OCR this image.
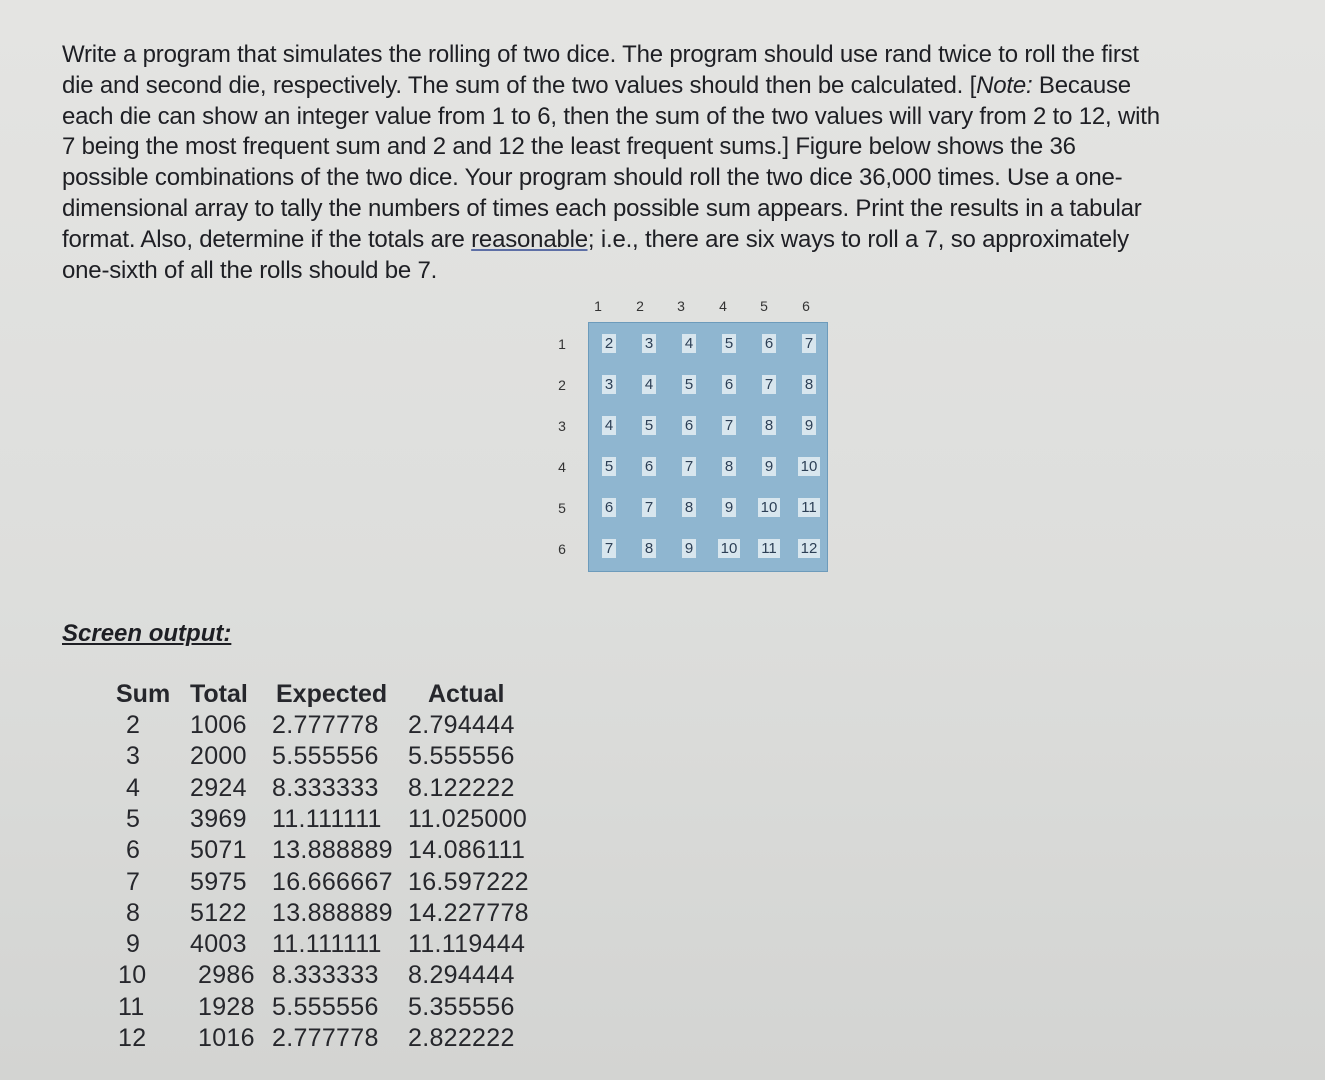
Write a program that simulates the rolling of two dice. The program should use rand twice to roll the first
die and second die, respectively. The sum of the two values should then be calculated. [Note: Because
each die can show an integer value from 1 to 6, then the sum of the two values will vary from 2 to 12, with
7 being the most frequent sum and 2 and 12 the least frequent sums.] Figure below shows the 36
possible combinations of the two dice. Your program should roll the two dice 36,000 times. Use a one-
dimensional array to tally the numbers of times each possible sum appears. Print the results in a tabular
format. Also, determine if the totals are reasonable; i.e., there are six ways to roll a 7, so approximately
one-sixth of all the rolls should be 7.
2	3	4	5	6	7
3	4	5	6	7	8
4	5	6	7	8	9
5	6	7	8	9	10
6	7	8	9	10	11
7	8	9	10	11	12
1	2	3	4	5	6
1
2
3
4
5
6
Screen output:
Sum Total Expected Actual
2 1006 2.777778 2.794444
3 2000 5.555556 5.555556
4 2924 8.333333 8.122222
5 3969 11.111111 11.025000
6 5071 13.888889 14.086111
7 5975 16.666667 16.597222
8 5122 13.888889 14.227778
9 4003 11.111111 11.119444
10 2986 8.333333 8.294444
11 1928 5.555556 5.355556
12 1016 2.777778 2.822222
